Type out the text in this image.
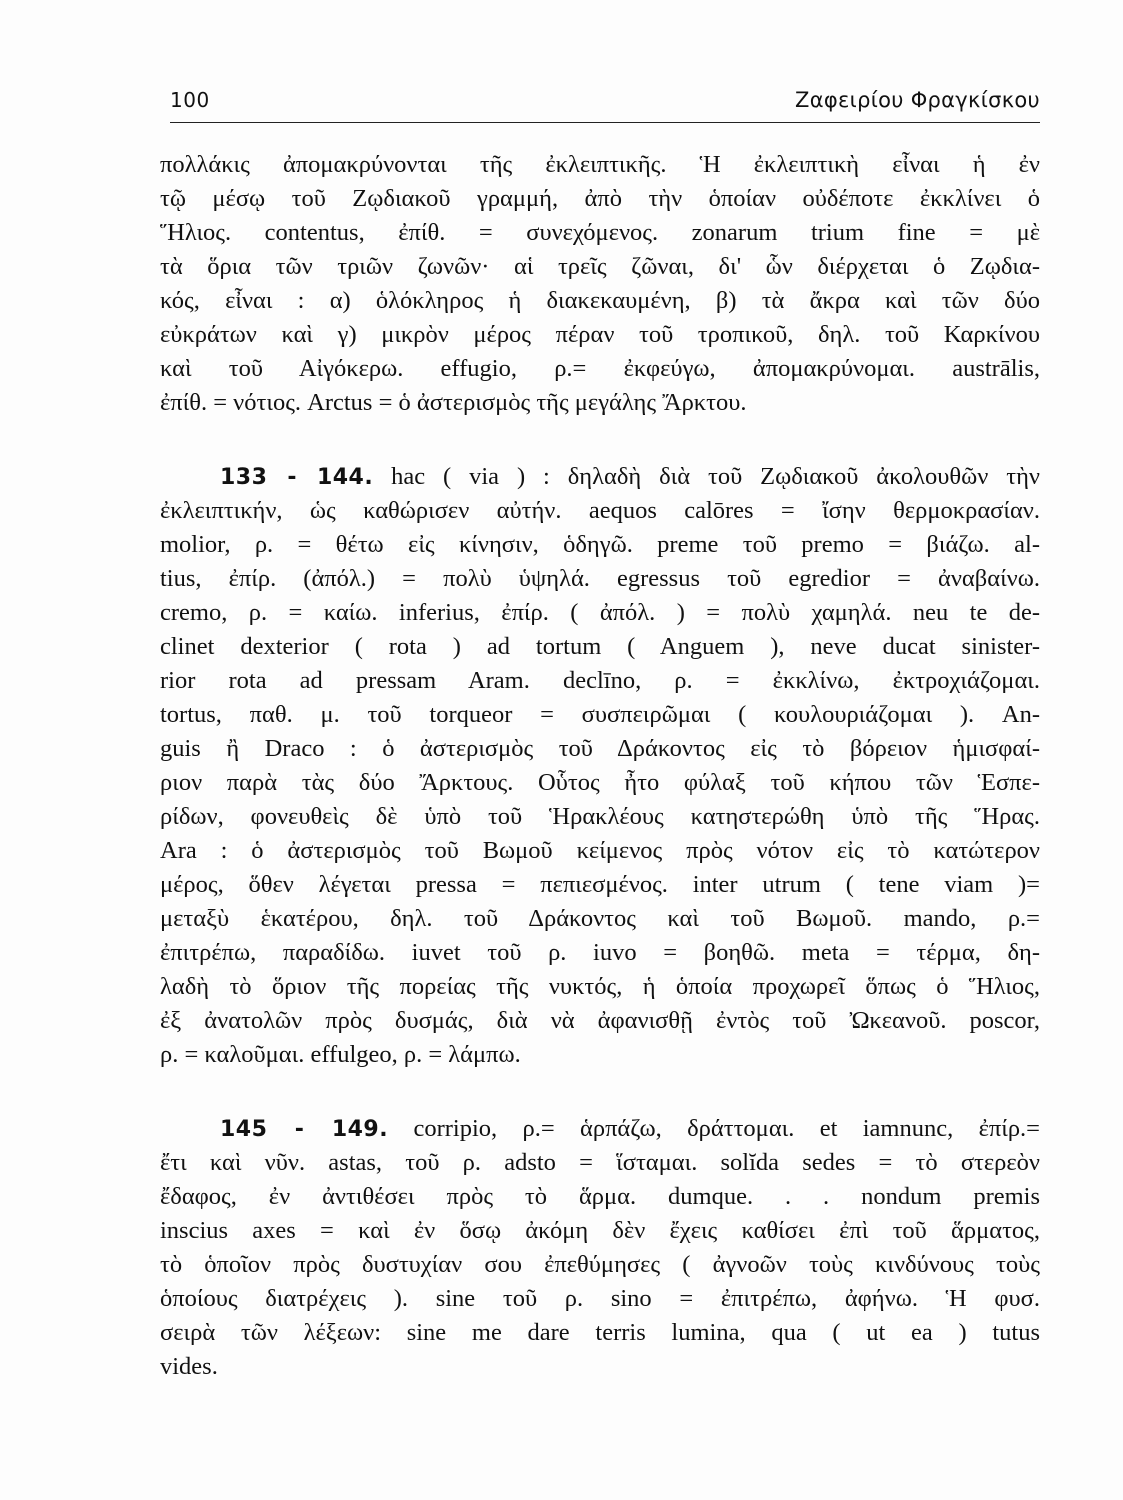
100	Ζαφειρίου Φραγκίσκου
πολλάκις ἀπομακρύνονται τῆς ἐκλειπτικῆς. Ἡ ἐκλειπτικὴ εἶναι ἡ ἐν
τῷ μέσῳ τοῦ Ζῳδιακοῦ γραμμή, ἀπὸ τὴν ὁποίαν οὐδέποτε ἐκκλίνει ὁ
Ἥλιος. contentus, ἐπίθ. = συνεχόμενος. zonarum trium fine = μὲ
τὰ ὅρια τῶν τριῶν ζωνῶν· αἱ τρεῖς ζῶναι, δι' ὧν διέρχεται ὁ Ζῳδια-
κός, εἶναι : α) ὁλόκληρος ἡ διακεκαυμένη, β) τὰ ἄκρα καὶ τῶν δύο
εὐκράτων καὶ γ) μικρὸν μέρος πέραν τοῦ τροπικοῦ, δηλ. τοῦ Καρκίνου
καὶ τοῦ Αἰγόκερω. effugio, ρ.= ἐκφεύγω, ἀπομακρύνομαι. austrālis,
ἐπίθ. = νότιος. Arctus = ὁ ἀστερισμὸς τῆς μεγάλης Ἄρκτου.
133 - 144. hac ( via ) : δηλαδὴ διὰ τοῦ Ζῳδιακοῦ ἀκολουθῶν τὴν
ἐκλειπτικήν, ὡς καθώρισεν αὐτήν. aequos calōres = ἴσην θερμοκρασίαν.
molior, ρ. = θέτω εἰς κίνησιν, ὁδηγῶ. preme τοῦ premo = βιάζω. al-
tius, ἐπίρ. (ἀπόλ.) = πολὺ ὑψηλά. egressus τοῦ egredior = ἀναβαίνω.
cremo, ρ. = καίω. inferius, ἐπίρ. ( ἀπόλ. ) = πολὺ χαμηλά. neu te de-
clinet dexterior ( rota ) ad tortum ( Anguem ), neve ducat sinister-
rior rota ad pressam Aram. declīno, ρ. = ἐκκλίνω, ἐκτροχιάζομαι.
tortus, παθ. μ. τοῦ torqueor = συσπειρῶμαι ( κουλουριάζομαι ). An-
guis ἢ Draco : ὁ ἀστερισμὸς τοῦ Δράκοντος εἰς τὸ βόρειον ἡμισφαί-
ριον παρὰ τὰς δύο Ἄρκτους. Οὗτος ἦτο φύλαξ τοῦ κήπου τῶν Ἑσπε-
ρίδων, φονευθεὶς δὲ ὑπὸ τοῦ Ἡρακλέους κατηστερώθη ὑπὸ τῆς Ἥρας.
Ara : ὁ ἀστερισμὸς τοῦ Βωμοῦ κείμενος πρὸς νότον εἰς τὸ κατώτερον
μέρος, ὅθεν λέγεται pressa = πεπιεσμένος. inter utrum ( tene viam )=
μεταξὺ ἑκατέρου, δηλ. τοῦ Δράκοντος καὶ τοῦ Βωμοῦ. mando, ρ.=
ἐπιτρέπω, παραδίδω. iuvet τοῦ ρ. iuvo = βοηθῶ. meta = τέρμα, δη-
λαδὴ τὸ ὅριον τῆς πορείας τῆς νυκτός, ἡ ὁποία προχωρεῖ ὅπως ὁ Ἥλιος,
ἐξ ἀνατολῶν πρὸς δυσμάς, διὰ νὰ ἀφανισθῇ ἐντὸς τοῦ Ὠκεανοῦ. poscor,
ρ. = καλοῦμαι. effulgeo, ρ. = λάμπω.
145 - 149. corripio, ρ.= ἁρπάζω, δράττομαι. et iamnunc, ἐπίρ.=
ἔτι καὶ νῦν. astas, τοῦ ρ. adsto = ἵσταμαι. solĭda sedes = τὸ στερεὸν
ἔδαφος, ἐν ἀντιθέσει πρὸς τὸ ἅρμα. dumque. . . nondum premis
inscius axes = καὶ ἐν ὅσῳ ἀκόμη δὲν ἔχεις καθίσει ἐπὶ τοῦ ἅρματος,
τὸ ὁποῖον πρὸς δυστυχίαν σου ἐπεθύμησες ( ἀγνοῶν τοὺς κινδύνους τοὺς
ὁποίους διατρέχεις ). sine τοῦ ρ. sino = ἐπιτρέπω, ἀφήνω. Ἡ φυσ.
σειρὰ τῶν λέξεων: sine me dare terris lumina, qua ( ut ea ) tutus
vides.
